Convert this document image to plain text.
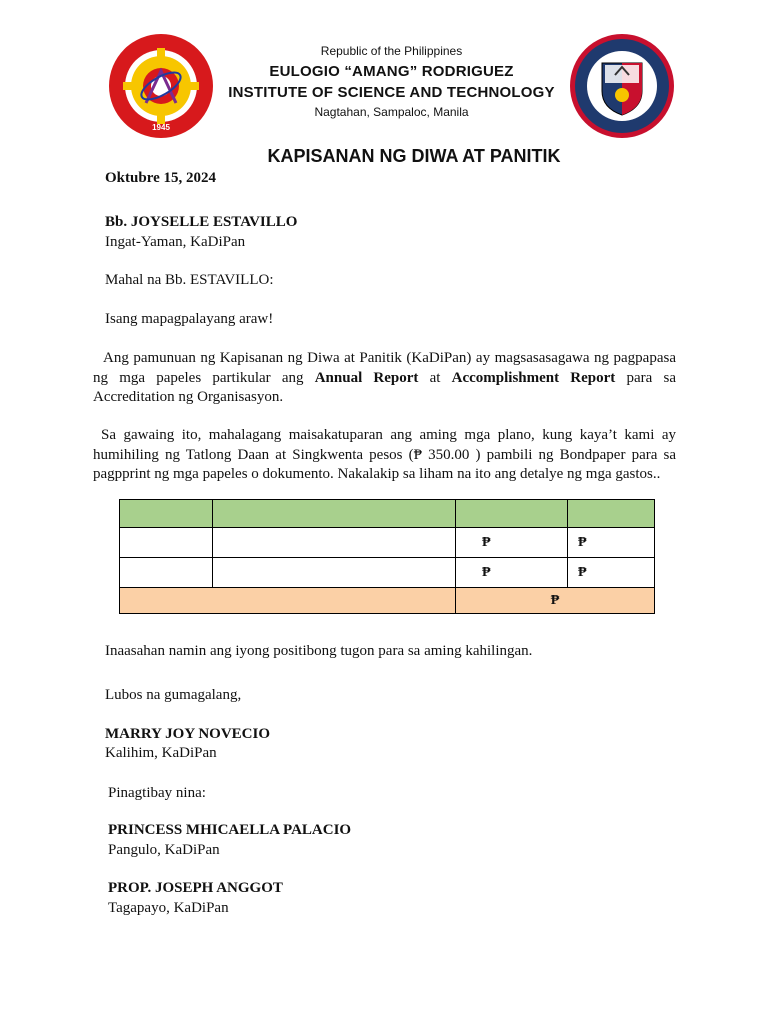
1945
Republic of the Philippines
EULOGIO “AMANG” RODRIGUEZ
INSTITUTE OF SCIENCE AND TECHNOLOGY
Nagtahan, Sampaloc, Manila
KAPISANAN NG DIWA AT PANITIK
Oktubre 15, 2024
Bb. JOYSELLE ESTAVILLO
Ingat-Yaman, KaDiPan
Mahal na Bb. ESTAVILLO:
Isang mapagpalayang araw!
Ang pamunuan ng Kapisanan ng Diwa at Panitik (KaDiPan) ay magsasasagawa ng pagpapasa ng mga papeles partikular ang Annual Report at Accomplishment Report para sa Accreditation ng Organisasyon.
Sa gawaing ito, mahalagang maisakatuparan ang aming mga plano, kung kaya’t kami ay humihiling ng Tatlong Daan at Singkwenta pesos (₱ 350.00 ) pambili ng Bondpaper para sa pagpprint ng mga papeles o dokumento. Nakalakip sa liham na ito ang detalye ng mga gastos..

		₱	₱
		₱	₱
		₱	
Inaasahan namin ang iyong positibong tugon para sa aming kahilingan.
Lubos na gumagalang,
MARRY JOY NOVECIO
Kalihim, KaDiPan
Pinagtibay nina:
PRINCESS MHICAELLA PALACIO
Pangulo, KaDiPan
PROP. JOSEPH ANGGOT
Tagapayo, KaDiPan
